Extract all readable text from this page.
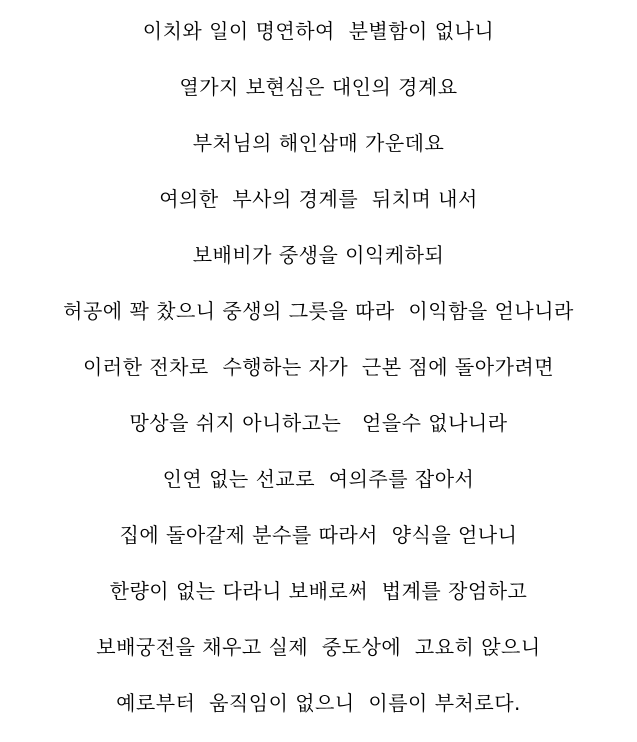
이치와 일이 명연하여  분별함이 없나니
열가지 보현심은 대인의 경계요
부처님의 해인삼매 가운데요
여의한  부사의 경계를  뒤치며 내서
보배비가 중생을 이익케하되
허공에 꽉 찼으니 중생의 그릇을 따라  이익함을 얻나니라
이러한 전차로  수행하는 자가  근본 점에 돌아가려면
망상을 쉬지 아니하고는   얻을수 없나니라
인연 없는 선교로  여의주를 잡아서
집에 돌아갈제 분수를 따라서  양식을 얻나니
한량이 없는 다라니 보배로써  법계를 장엄하고
보배궁전을 채우고 실제  중도상에  고요히 앉으니
예로부터  움직임이 없으니  이름이 부처로다.
